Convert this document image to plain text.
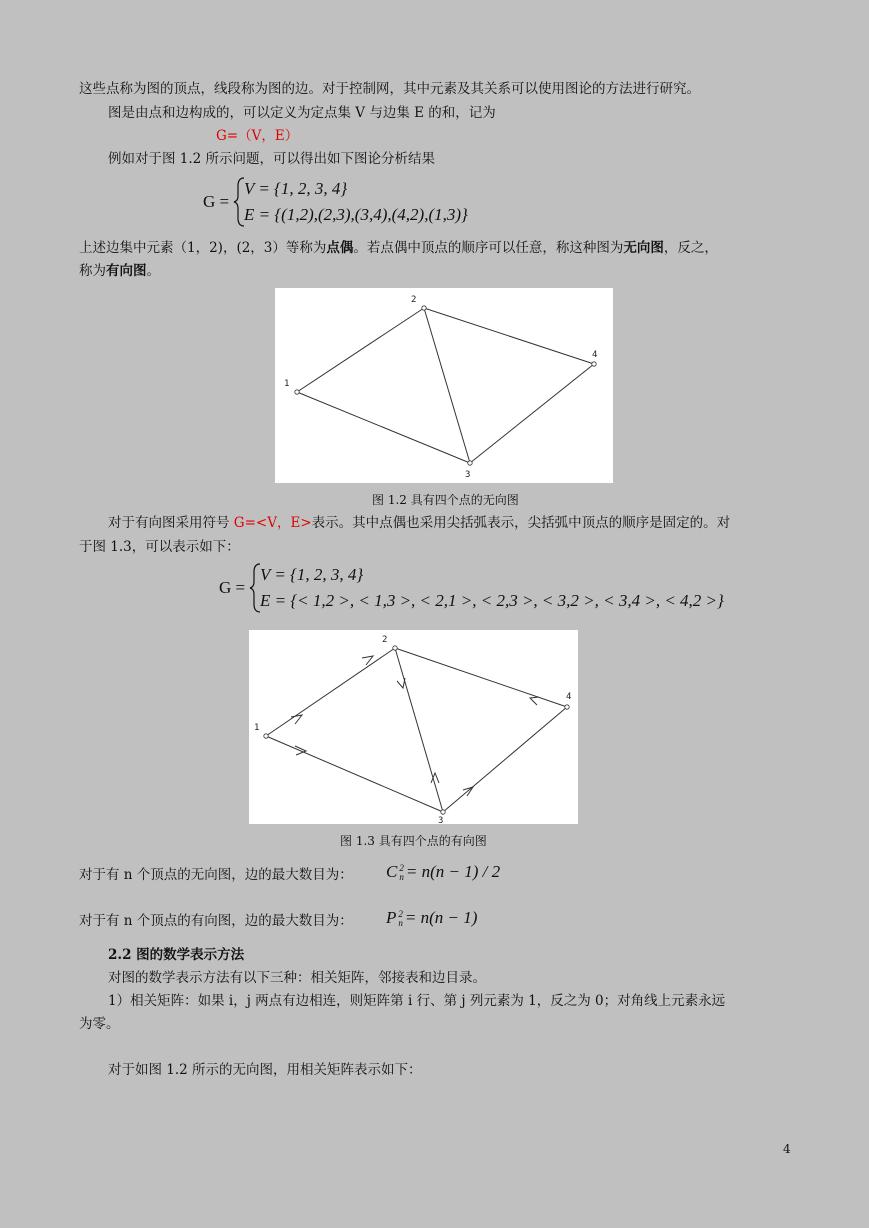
这些点称为图的顶点，线段称为图的边。对于控制网，其中元素及其关系可以使用图论的方法进行研究。
图是由点和边构成的，可以定义为定点集 V 与边集 E 的和，记为
G=（V，E）
例如对于图 1.2 所示问题，可以得出如下图论分析结果
G =
V = {1, 2, 3, 4}
E = {(1,2),(2,3),(3,4),(4,2),(1,3)}
上述边集中元素（1，2)，(2，3）等称为点偶。若点偶中顶点的顺序可以任意，称这种图为无向图，反之，
称为有向图。
1
2
3
4
图 1.2 具有四个点的无向图
对于有向图采用符号 G=<V，E>表示。其中点偶也采用尖括弧表示，尖括弧中顶点的顺序是固定的。对
于图 1.3，可以表示如下：
G =
V = {1, 2, 3, 4}
E = {< 1,2 >, < 1,3 >, < 2,1 >, < 2,3 >, < 3,2 >, < 3,4 >, < 4,2 >}
1
2
3
4
图 1.3 具有四个点的有向图
对于有 n 个顶点的无向图，边的最大数目为： C 2
n = n(n − 1) / 2
对于有 n 个顶点的有向图，边的最大数目为： P 2
n = n(n − 1)
2.2 图的数学表示方法
对图的数学表示方法有以下三种：相关矩阵，邻接表和边目录。
1）相关矩阵：如果 i，j 两点有边相连，则矩阵第 i 行、第 j 列元素为 1，反之为 0；对角线上元素永远
为零。
对于如图 1.2 所示的无向图，用相关矩阵表示如下：
4
